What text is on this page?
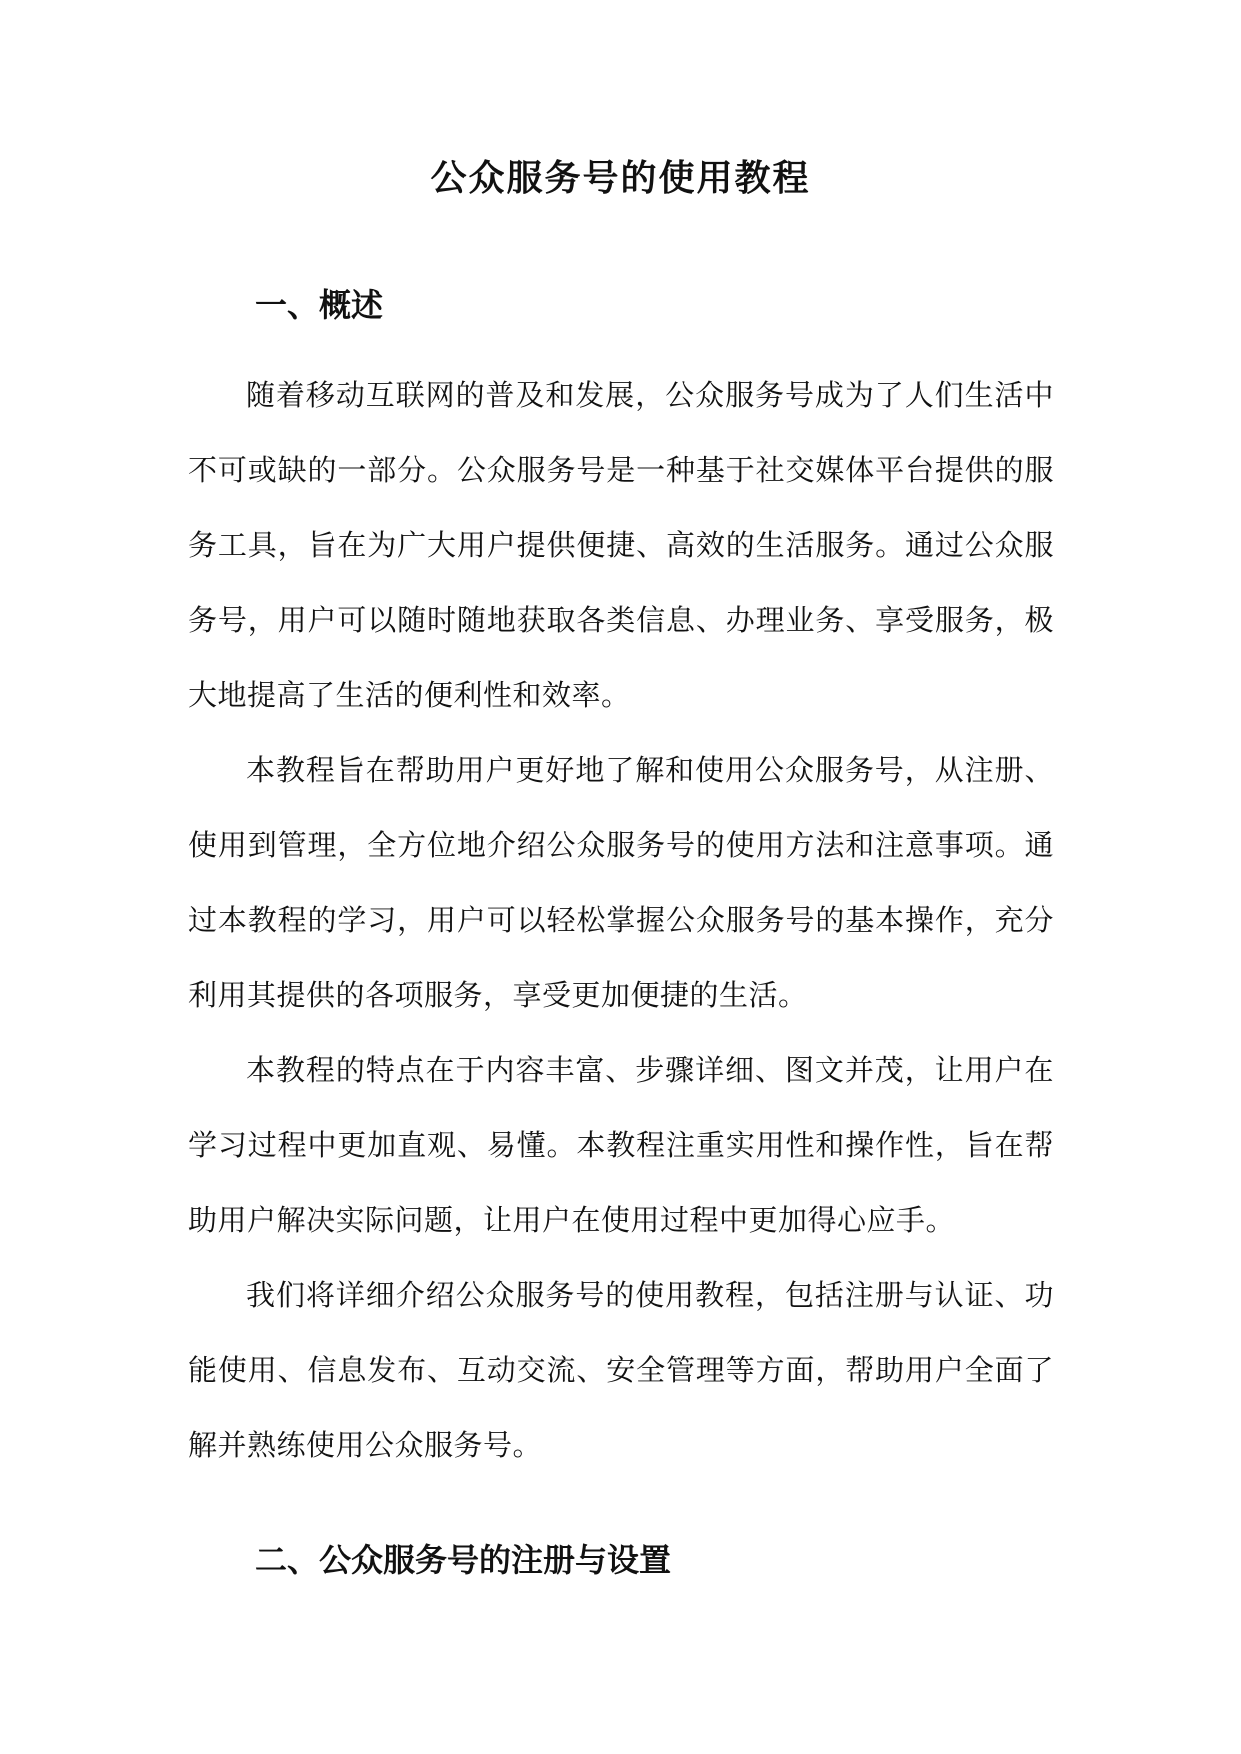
公众服务号的使用教程
一、概述

随着移动互联网的普及和发展，公众服务号成为了人们生活中不可或缺的一部分。公众服务号是一种基于社交媒体平台提供的服务工具，旨在为广大用户提供便捷、高效的生活服务。通过公众服务号，用户可以随时随地获取各类信息、办理业务、享受服务，极大地提高了生活的便利性和效率。

本教程旨在帮助用户更好地了解和使用公众服务号，从注册、使用到管理，全方位地介绍公众服务号的使用方法和注意事项。通过本教程的学习，用户可以轻松掌握公众服务号的基本操作，充分利用其提供的各项服务，享受更加便捷的生活。

本教程的特点在于内容丰富、步骤详细、图文并茂，让用户在学习过程中更加直观、易懂。本教程注重实用性和操作性，旨在帮助用户解决实际问题，让用户在使用过程中更加得心应手。

我们将详细介绍公众服务号的使用教程，包括注册与认证、功能使用、信息发布、互动交流、安全管理等方面，帮助用户全面了解并熟练使用公众服务号。

二、公众服务号的注册与设置
